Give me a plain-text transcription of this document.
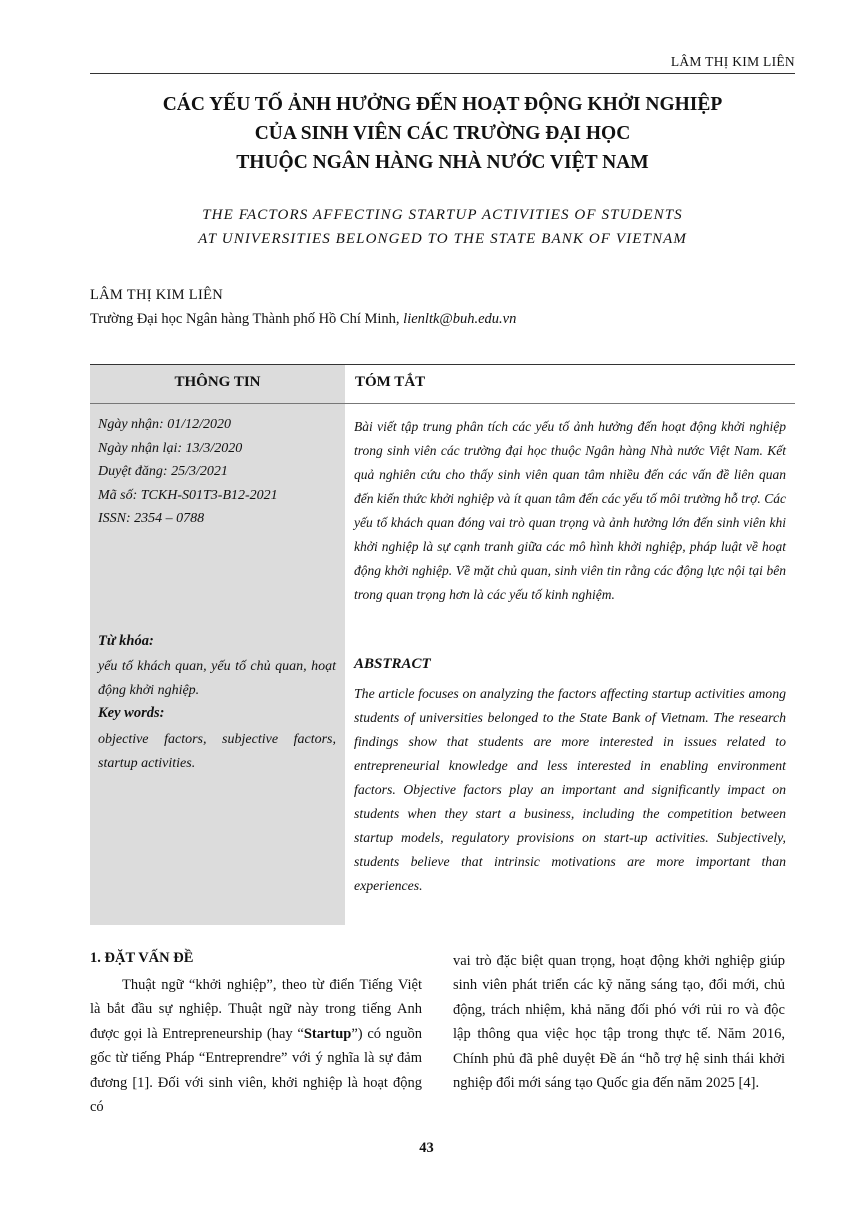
LÂM THỊ KIM LIÊN
CÁC YẾU TỐ ẢNH HƯỞNG ĐẾN HOẠT ĐỘNG KHỞI NGHIỆP
CỦA SINH VIÊN CÁC TRƯỜNG ĐẠI HỌC
THUỘC NGÂN HÀNG NHÀ NƯỚC VIỆT NAM
THE FACTORS AFFECTING STARTUP ACTIVITIES OF STUDENTS
AT UNIVERSITIES BELONGED TO THE STATE BANK OF VIETNAM
LÂM THỊ KIM LIÊN
Trường Đại học Ngân hàng Thành phố Hồ Chí Minh, lienltk@buh.edu.vn
THÔNG TIN	TÓM TẮT
Ngày nhận: 01/12/2020
Ngày nhận lại: 13/3/2020
Duyệt đăng: 25/3/2021
Mã số: TCKH-S01T3-B12-2021
ISSN: 2354 – 0788
Từ khóa:
yếu tố khách quan, yếu tố chủ quan, hoạt động khởi nghiệp.
Key words:
objective factors, subjective factors, startup activities.
Bài viết tập trung phân tích các yếu tố ảnh hưởng đến hoạt động khởi nghiệp trong sinh viên các trường đại học thuộc Ngân hàng Nhà nước Việt Nam. Kết quả nghiên cứu cho thấy sinh viên quan tâm nhiều đến các vấn đề liên quan đến kiến thức khởi nghiệp và ít quan tâm đến các yếu tố môi trường hỗ trợ. Các yếu tố khách quan đóng vai trò quan trọng và ảnh hưởng lớn đến sinh viên khi khởi nghiệp là sự cạnh tranh giữa các mô hình khởi nghiệp, pháp luật về hoạt động khởi nghiệp. Về mặt chủ quan, sinh viên tin rằng các động lực nội tại bên trong quan trọng hơn là các yếu tố kinh nghiệm.
ABSTRACT
The article focuses on analyzing the factors affecting startup activities among students of universities belonged to the State Bank of Vietnam. The research findings show that students are more interested in issues related to entrepreneurial knowledge and less interested in enabling environment factors. Objective factors play an important and significantly impact on students when they start a business, including the competition between startup models, regulatory provisions on start-up activities. Subjectively, students believe that intrinsic motivations are more important than experiences.
1. ĐẶT VẤN ĐỀ
Thuật ngữ “khởi nghiệp”, theo từ điển Tiếng Việt là bắt đầu sự nghiệp. Thuật ngữ này trong tiếng Anh được gọi là Entrepreneurship (hay “Startup”) có nguồn gốc từ tiếng Pháp “Entreprendre” với ý nghĩa là sự đảm đương [1]. Đối với sinh viên, khởi nghiệp là hoạt động có
vai trò đặc biệt quan trọng, hoạt động khởi nghiệp giúp sinh viên phát triển các kỹ năng sáng tạo, đổi mới, chủ động, trách nhiệm, khả năng đối phó với rủi ro và độc lập thông qua việc học tập trong thực tế. Năm 2016, Chính phủ đã phê duyệt Đề án “hỗ trợ hệ sinh thái khởi nghiệp đổi mới sáng tạo Quốc gia đến năm 2025 [4].
43
